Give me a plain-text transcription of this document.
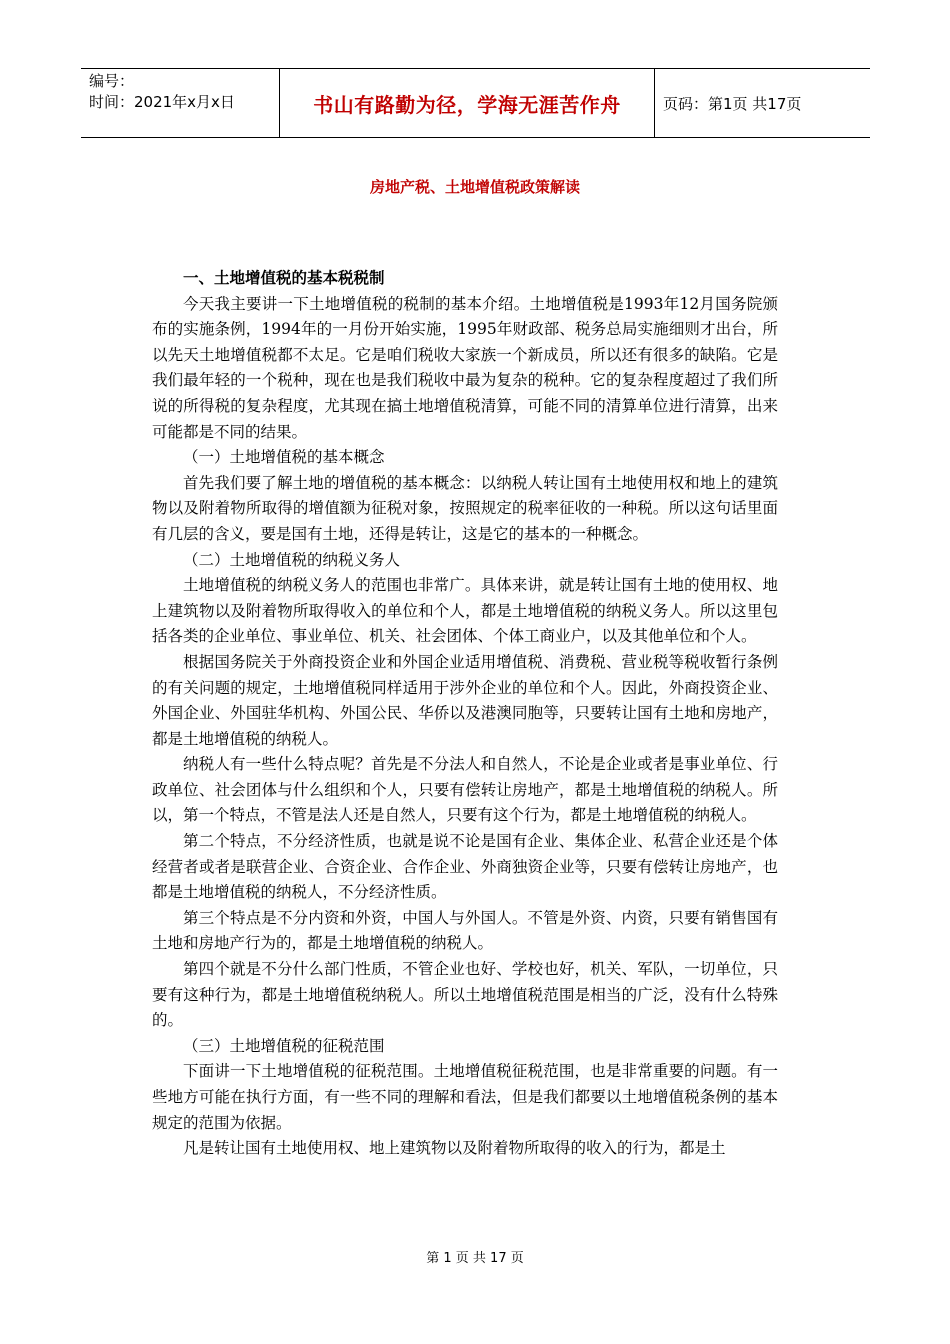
编号：
时间：2021年x月x日	书山有路勤为径，学海无涯苦作舟	页码：第1页 共17页
房地产税、土地增值税政策解读

一、土地增值税的基本税税制

今天我主要讲一下土地增值税的税制的基本介绍。土地增值税是1993年12月国务院颁布的实施条例，1994年的一月份开始实施，1995年财政部、税务总局实施细则才出台，所以先天土地增值税都不太足。它是咱们税收大家族一个新成员，所以还有很多的缺陷。它是我们最年轻的一个税种，现在也是我们税收中最为复杂的税种。它的复杂程度超过了我们所说的所得税的复杂程度，尤其现在搞土地增值税清算，可能不同的清算单位进行清算，出来可能都是不同的结果。

（一）土地增值税的基本概念

首先我们要了解土地的增值税的基本概念：以纳税人转让国有土地使用权和地上的建筑物以及附着物所取得的增值额为征税对象，按照规定的税率征收的一种税。所以这句话里面有几层的含义，要是国有土地，还得是转让，这是它的基本的一种概念。

（二）土地增值税的纳税义务人

土地增值税的纳税义务人的范围也非常广。具体来讲，就是转让国有土地的使用权、地上建筑物以及附着物所取得收入的单位和个人，都是土地增值税的纳税义务人。所以这里包括各类的企业单位、事业单位、机关、社会团体、个体工商业户，以及其他单位和个人。

根据国务院关于外商投资企业和外国企业适用增值税、消费税、营业税等税收暂行条例的有关问题的规定，土地增值税同样适用于涉外企业的单位和个人。因此，外商投资企业、外国企业、外国驻华机构、外国公民、华侨以及港澳同胞等，只要转让国有土地和房地产，都是土地增值税的纳税人。

纳税人有一些什么特点呢？首先是不分法人和自然人，不论是企业或者是事业单位、行政单位、社会团体与什么组织和个人，只要有偿转让房地产，都是土地增值税的纳税人。所以，第一个特点，不管是法人还是自然人，只要有这个行为，都是土地增值税的纳税人。

第二个特点，不分经济性质，也就是说不论是国有企业、集体企业、私营企业还是个体经营者或者是联营企业、合资企业、合作企业、外商独资企业等，只要有偿转让房地产，也都是土地增值税的纳税人，不分经济性质。

第三个特点是不分内资和外资，中国人与外国人。不管是外资、内资，只要有销售国有土地和房地产行为的，都是土地增值税的纳税人。

第四个就是不分什么部门性质，不管企业也好、学校也好，机关、军队，一切单位，只要有这种行为，都是土地增值税纳税人。所以土地增值税范围是相当的广泛，没有什么特殊的。

（三）土地增值税的征税范围

下面讲一下土地增值税的征税范围。土地增值税征税范围，也是非常重要的问题。有一些地方可能在执行方面，有一些不同的理解和看法，但是我们都要以土地增值税条例的基本规定的范围为依据。

凡是转让国有土地使用权、地上建筑物以及附着物所取得的收入的行为，都是土

第 1 页 共 17 页
